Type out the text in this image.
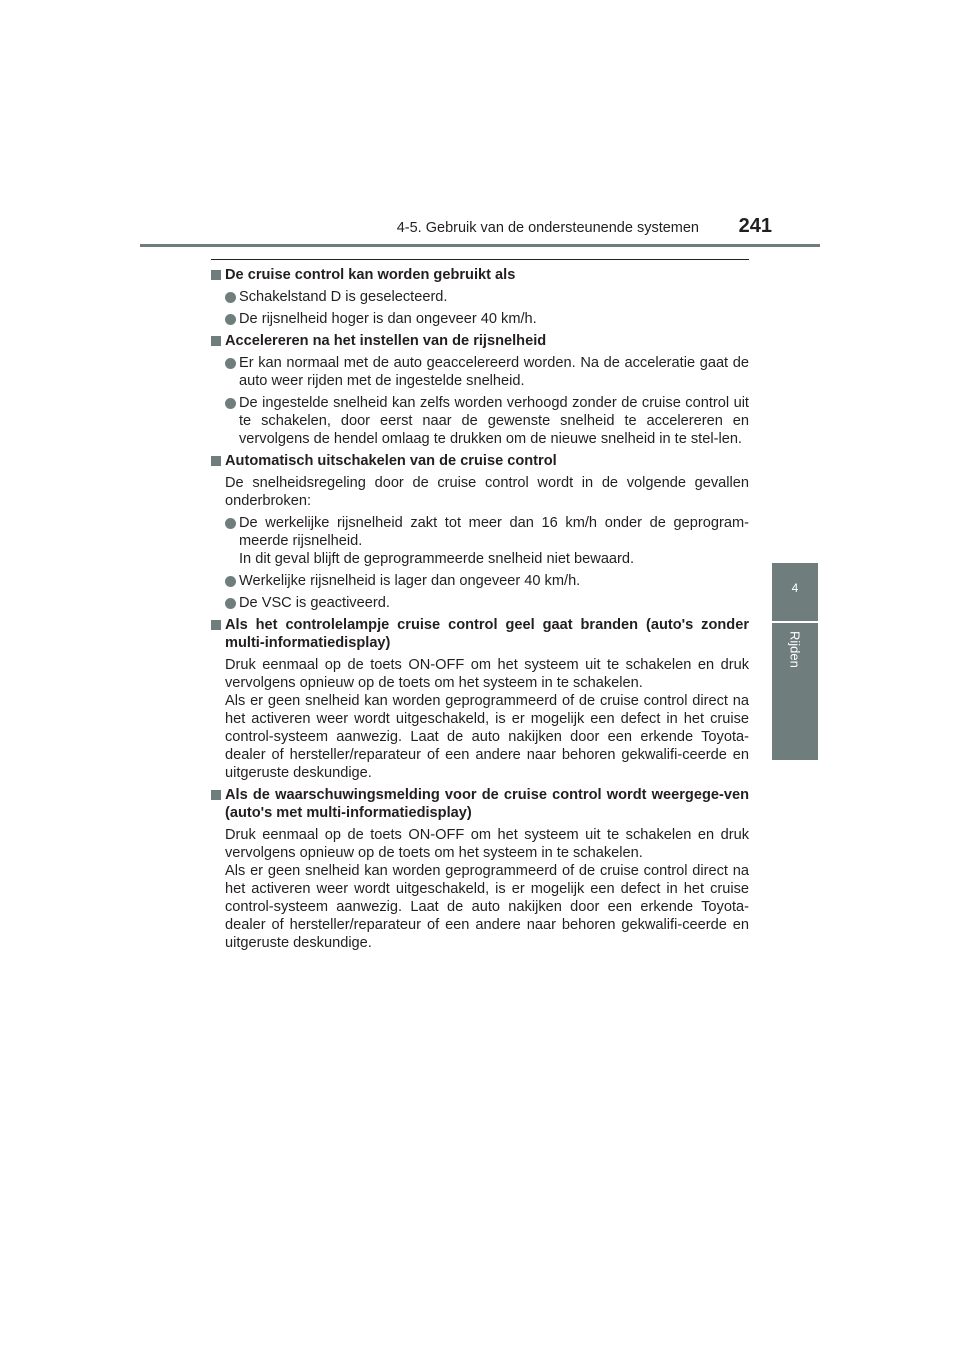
4-5. Gebruik van de ondersteunende systemen 241
4
Rijden
De cruise control kan worden gebruikt als
Schakelstand D is geselecteerd.
De rijsnelheid hoger is dan ongeveer 40 km/h.
Accelereren na het instellen van de rijsnelheid
Er kan normaal met de auto geaccelereerd worden. Na de acceleratie gaat de auto weer rijden met de ingestelde snelheid.
De ingestelde snelheid kan zelfs worden verhoogd zonder de cruise control uit te schakelen, door eerst naar de gewenste snelheid te accelereren en vervolgens de hendel omlaag te drukken om de nieuwe snelheid in te stel-len.
Automatisch uitschakelen van de cruise control
De snelheidsregeling door de cruise control wordt in de volgende gevallen onderbroken:
De werkelijke rijsnelheid zakt tot meer dan 16 km/h onder de geprogram-meerde rijsnelheid.
In dit geval blijft de geprogrammeerde snelheid niet bewaard.
Werkelijke rijsnelheid is lager dan ongeveer 40 km/h.
De VSC is geactiveerd.
Als het controlelampje cruise control geel gaat branden (auto's zonder multi-informatiedisplay)
Druk eenmaal op de toets ON-OFF om het systeem uit te schakelen en druk vervolgens opnieuw op de toets om het systeem in te schakelen.
Als er geen snelheid kan worden geprogrammeerd of de cruise control direct na het activeren weer wordt uitgeschakeld, is er mogelijk een defect in het cruise control-systeem aanwezig. Laat de auto nakijken door een erkende Toyota-dealer of hersteller/reparateur of een andere naar behoren gekwalifi-ceerde en uitgeruste deskundige.
Als de waarschuwingsmelding voor de cruise control wordt weergege-ven (auto's met multi-informatiedisplay)
Druk eenmaal op de toets ON-OFF om het systeem uit te schakelen en druk vervolgens opnieuw op de toets om het systeem in te schakelen.
Als er geen snelheid kan worden geprogrammeerd of de cruise control direct na het activeren weer wordt uitgeschakeld, is er mogelijk een defect in het cruise control-systeem aanwezig. Laat de auto nakijken door een erkende Toyota-dealer of hersteller/reparateur of een andere naar behoren gekwalifi-ceerde en uitgeruste deskundige.
